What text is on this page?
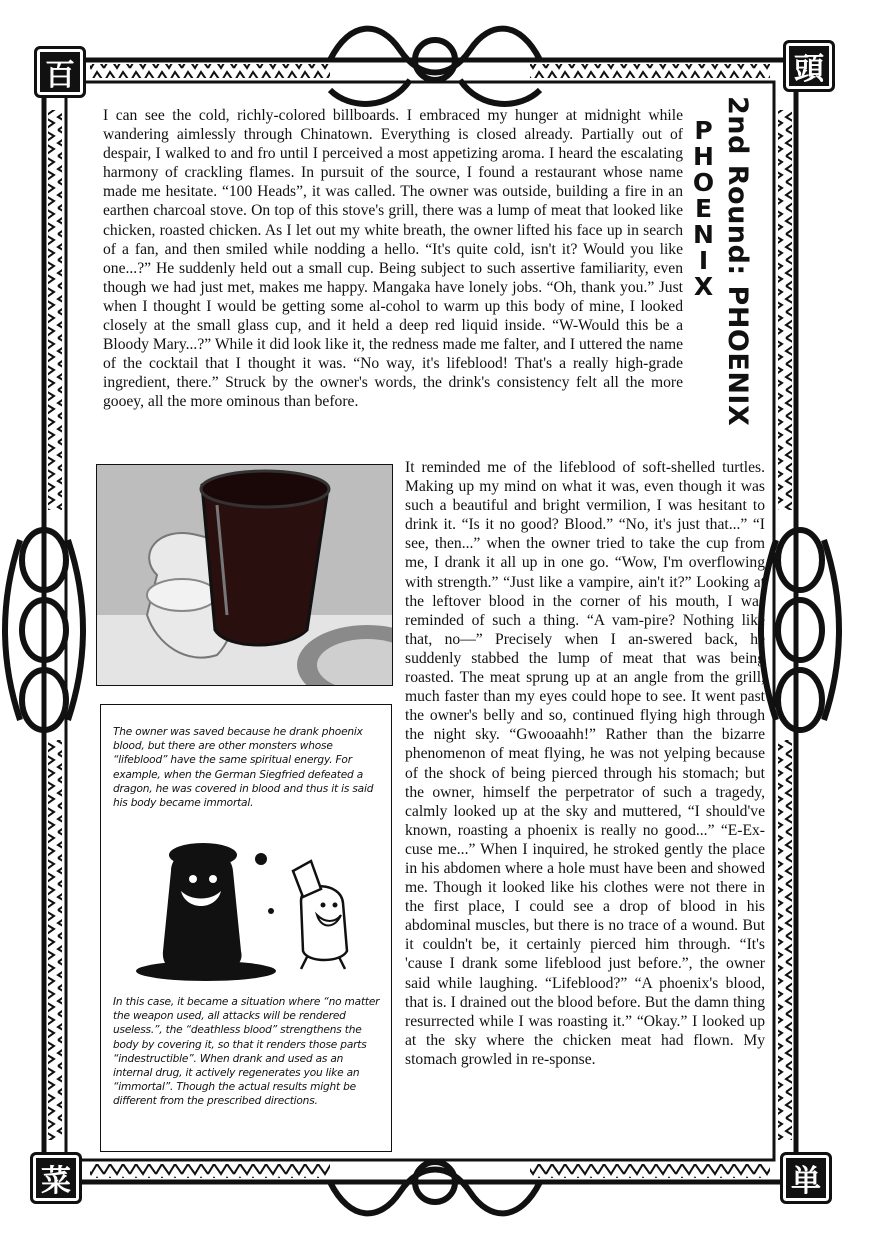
百	頭
菜	単
2nd Round: PHOENIX
PHOENIX

I can see the cold, richly-colored billboards. I embraced my hunger at midnight while wandering aimlessly through Chinatown. Everything is closed already. Partially out of despair, I walked to and fro until I perceived a most appetizing aroma. I heard the escalating harmony of crackling flames. In pursuit of the source, I found a restaurant whose name made me hesitate. “100 Heads”, it was called. The owner was outside, building a fire in an earthen charcoal stove. On top of this stove's grill, there was a lump of meat that looked like chicken, roasted chicken. As I let out my white breath, the owner lifted his face up in search of a fan, and then smiled while nodding a hello. “It's quite cold, isn't it? Would you like one...?” He suddenly held out a small cup. Being subject to such assertive familiarity, even though we had just met, makes me happy. Mangaka have lonely jobs. “Oh, thank you.” Just when I thought I would be getting some al-cohol to warm up this body of mine, I looked closely at the small glass cup, and it held a deep red liquid inside. “W-Would this be a Bloody Mary...?” While it did look like it, the redness made me falter, and I uttered the name of the cocktail that I thought it was. “No way, it's lifeblood! That's a really high-grade ingredient, there.” Struck by the owner's words, the drink's consistency felt all the more gooey, all the more ominous than before.

It reminded me of the lifeblood of soft-shelled turtles. Making up my mind on what it was, even though it was such a beautiful and bright vermilion, I was hesitant to drink it. “Is it no good? Blood.” “No, it's just that...” “I see, then...” when the owner tried to take the cup from me, I drank it all up in one go. “Wow, I'm overflowing with strength.” “Just like a vampire, ain't it?” Looking at the leftover blood in the corner of his mouth, I was reminded of such a thing. “A vam-pire? Nothing like that, no—” Precisely when I an-swered back, he suddenly stabbed the lump of meat that was being roasted. The meat sprung up at an angle from the grill, much faster than my eyes could hope to see. It went past the owner's belly and so, continued flying high through the night sky. “Gwooaahh!” Rather than the bizarre phenomenon of meat flying, he was not yelping because of the shock of being pierced through his stomach; but the owner, himself the perpetrator of such a tragedy, calmly looked up at the sky and muttered, “I should've known, roasting a phoenix is really no good...” “E-Ex-cuse me...” When I inquired, he stroked gently the place in his abdomen where a hole must have been and showed me. Though it looked like his clothes were not there in the first place, I could see a drop of blood in his abdominal muscles, but there is no trace of a wound. But it couldn't be, it certainly pierced him through. “It's 'cause I drank some lifeblood just before.”, the owner said while laughing. “Lifeblood?” “A phoenix's blood, that is. I drained out the blood before. But the damn thing resurrected while I was roasting it.” “Okay.” I looked up at the sky where the chicken meat had flown. My stomach growled in re-sponse.

The owner was saved because he drank phoenix blood, but there are other monsters whose “lifeblood” have the same spiritual energy. For example, when the German Siegfried defeated a dragon, he was covered in blood and thus it is said his body became immortal.

In this case, it became a situation where “no matter the weapon used, all attacks will be rendered useless.”, the “deathless blood” strengthens the body by covering it, so that it renders those parts “indestructible”. When drank and used as an internal drug, it actively regenerates you like an “immortal”. Though the actual results might be different from the prescribed directions.
